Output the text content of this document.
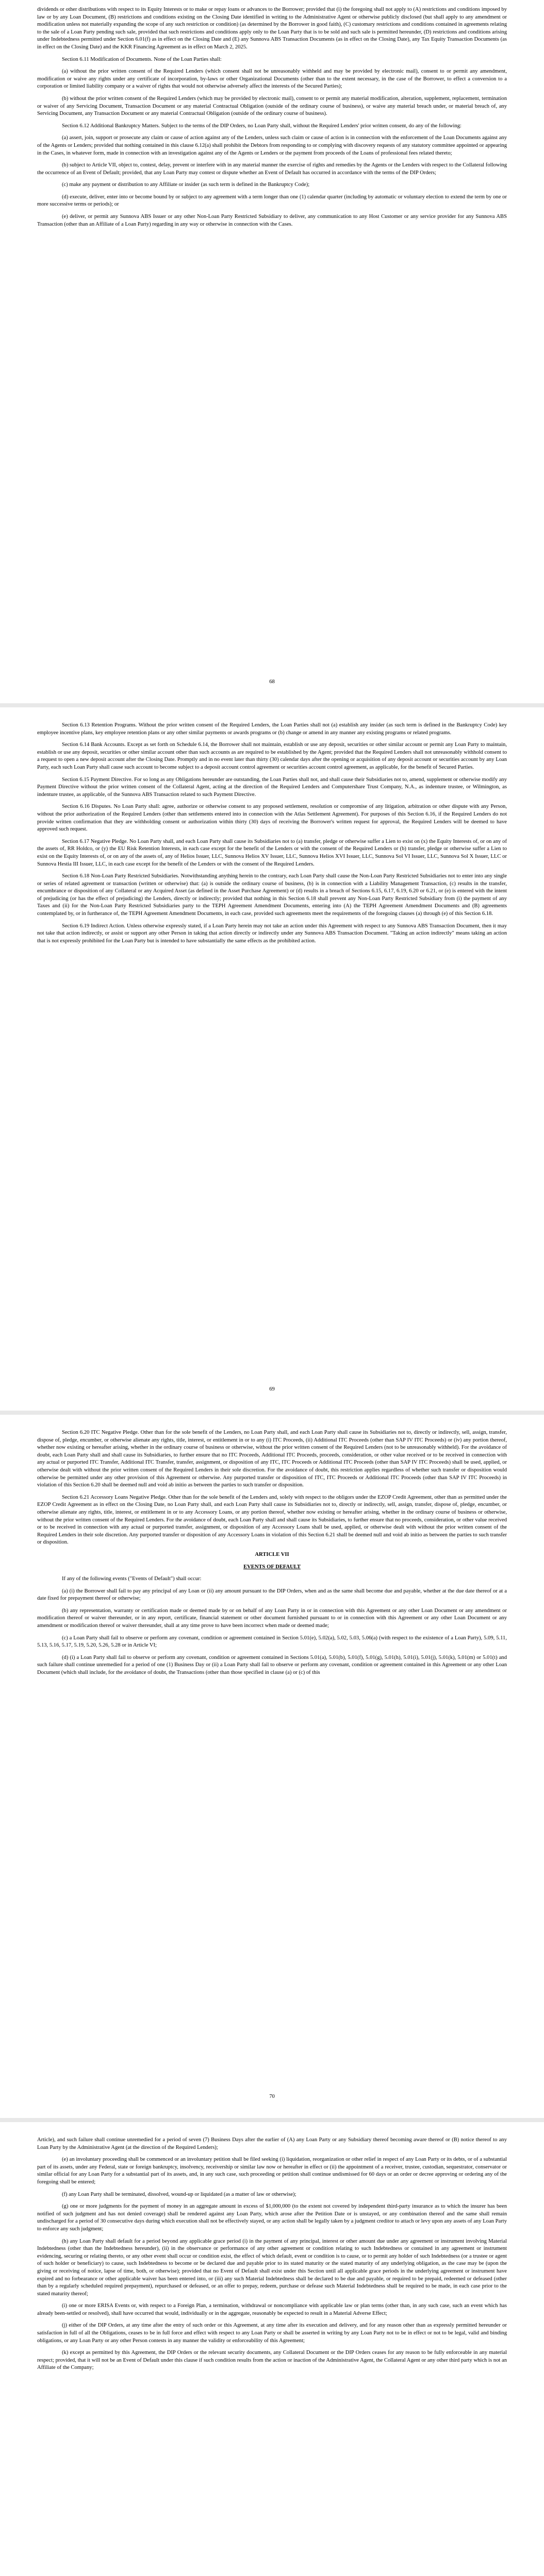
dividends or other distributions with respect to its Equity Interests or to make or repay loans or advances to the Borrower; provided that (i) the foregoing shall not apply to (A) restrictions and conditions imposed by law or by any Loan Document, (B) restrictions and conditions existing on the Closing Date identified in writing to the Administrative Agent or otherwise publicly disclosed (but shall apply to any amendment or modification unless not materially expanding the scope of any such restriction or condition) (as determined by the Borrower in good faith), (C) customary restrictions and conditions contained in agreements relating to the sale of a Loan Party pending such sale, provided that such restrictions and conditions apply only to the Loan Party that is to be sold and such sale is permitted hereunder, (D) restrictions and conditions arising under Indebtedness permitted under Section 6.01(f) as in effect on the Closing Date and (E) any Sunnova ABS Transaction Documents (as in effect on the Closing Date), any Tax Equity Transaction Documents (as in effect on the Closing Date) and the KKR Financing Agreement as in effect on March 2, 2025.

Section 6.11 Modification of Documents. None of the Loan Parties shall:

(a) without the prior written consent of the Required Lenders (which consent shall not be unreasonably withheld and may be provided by electronic mail), consent to or permit any amendment, modification or waive any rights under any certificate of incorporation, by-laws or other Organizational Documents (other than to the extent necessary, in the case of the Borrower, to effect a conversion to a corporation or limited liability company or a waiver of rights that would not otherwise adversely affect the interests of the Secured Parties);

(b) without the prior written consent of the Required Lenders (which may be provided by electronic mail), consent to or permit any material modification, alteration, supplement, replacement, termination or waiver of any Servicing Document, Transaction Document or any material Contractual Obligation (outside of the ordinary course of business), or waive any material breach under, or material breach of, any Servicing Document, any Transaction Document or any material Contractual Obligation (outside of the ordinary course of business).

Section 6.12 Additional Bankruptcy Matters. Subject to the terms of the DIP Orders, no Loan Party shall, without the Required Lenders' prior written consent, do any of the following:

(a) assert, join, support or prosecute any claim or cause of action against any of the Lenders, unless such claim or cause of action is in connection with the enforcement of the Loan Documents against any of the Agents or Lenders; provided that nothing contained in this clause 6.12(a) shall prohibit the Debtors from responding to or complying with discovery requests of any statutory committee appointed or appearing in the Cases, in whatever form, made in connection with an investigation against any of the Agents or Lenders or the payment from proceeds of the Loans of professional fees related thereto;

(b) subject to Article VII, object to, contest, delay, prevent or interfere with in any material manner the exercise of rights and remedies by the Agents or the Lenders with respect to the Collateral following the occurrence of an Event of Default; provided, that any Loan Party may contest or dispute whether an Event of Default has occurred in accordance with the terms of the DIP Orders;

(c) make any payment or distribution to any Affiliate or insider (as such term is defined in the Bankruptcy Code);

(d) execute, deliver, enter into or become bound by or subject to any agreement with a term longer than one (1) calendar quarter (including by automatic or voluntary election to extend the term by one or more successive terms or periods); or

(e) deliver, or permit any Sunnova ABS Issuer or any other Non-Loan Party Restricted Subsidiary to deliver, any communication to any Host Customer or any service provider for any Sunnova ABS Transaction (other than an Affiliate of a Loan Party) regarding in any way or otherwise in connection with the Cases.

68

Section 6.13 Retention Programs. Without the prior written consent of the Required Lenders, the Loan Parties shall not (a) establish any insider (as such term is defined in the Bankruptcy Code) key employee incentive plans, key employee retention plans or any other similar payments or awards programs or (b) change or amend in any manner any existing programs or related programs.

Section 6.14 Bank Accounts. Except as set forth on Schedule 6.14, the Borrower shall not maintain, establish or use any deposit, securities or other similar account or permit any Loan Party to maintain, establish or use any deposit, securities or other similar account other than such accounts as are required to be established by the Agent; provided that the Required Lenders shall not unreasonably withhold consent to a request to open a new deposit account after the Closing Date. Promptly and in no event later than thirty (30) calendar days after the opening or acquisition of any deposit account or securities account by any Loan Party, each such Loan Party shall cause such account to become subject to a deposit account control agreement or securities account control agreement, as applicable, for the benefit of Secured Parties.

Section 6.15 Payment Directive. For so long as any Obligations hereunder are outstanding, the Loan Parties shall not, and shall cause their Subsidiaries not to, amend, supplement or otherwise modify any Payment Directive without the prior written consent of the Collateral Agent, acting at the direction of the Required Lenders and Computershare Trust Company, N.A., as indenture trustee, or Wilmington, as indenture trustee, as applicable, of the Sunnova ABS Transaction related to such Payment Directive.

Section 6.16 Disputes. No Loan Party shall: agree, authorize or otherwise consent to any proposed settlement, resolution or compromise of any litigation, arbitration or other dispute with any Person, without the prior authorization of the Required Lenders (other than settlements entered into in connection with the Atlas Settlement Agreement). For purposes of this Section 6.16, if the Required Lenders do not provide written confirmation that they are withholding consent or authorization within thirty (30) days of receiving the Borrower's written request for approval, the Required Lenders will be deemed to have approved such request.

Section 6.17 Negative Pledge. No Loan Party shall, and each Loan Party shall cause its Subsidiaries not to (a) transfer, pledge or otherwise suffer a Lien to exist on (x) the Equity Interests of, or on any of the assets of, RR Holdco, or (y) the EU Risk Retention Interests, in each case except for the benefit of the Lenders or with the consent of the Required Lenders or (b) transfer, pledge or otherwise suffer a Lien to exist on the Equity Interests of, or on any of the assets of, any of Helios Issuer, LLC, Sunnova Helios XV Issuer, LLC, Sunnova Helios XVI Issuer, LLC, Sunnova Sol VI Issuer, LLC, Sunnova Sol X Issuer, LLC or Sunnova Hestia III Issuer, LLC, in each case except for the benefit of the Lenders or with the consent of the Required Lenders.

Section 6.18 Non-Loan Party Restricted Subsidiaries. Notwithstanding anything herein to the contrary, each Loan Party shall cause the Non-Loan Party Restricted Subsidiaries not to enter into any single or series of related agreement or transaction (written or otherwise) that: (a) is outside the ordinary course of business, (b) is in connection with a Liability Management Transaction, (c) results in the transfer, encumbrance or disposition of any Collateral or any Acquired Asset (as defined in the Asset Purchase Agreement) or (d) results in a breach of Sections 6.15, 6.17, 6.19, 6.20 or 6.21, or (e) is entered with the intent of prejudicing (or has the effect of prejudicing) the Lenders, directly or indirectly; provided that nothing in this Section 6.18 shall prevent any Non-Loan Party Restricted Subsidiary from (i) the payment of any Taxes and (ii) for the Non-Loan Party Restricted Subsidiaries party to the TEPH Agreement Amendment Documents, entering into (A) the TEPH Agreement Amendment Documents and (B) agreements contemplated by, or in furtherance of, the TEPH Agreement Amendment Documents, in each case, provided such agreements meet the requirements of the foregoing clauses (a) through (e) of this Section 6.18.

Section 6.19 Indirect Action. Unless otherwise expressly stated, if a Loan Party herein may not take an action under this Agreement with respect to any Sunnova ABS Transaction Document, then it may not take that action indirectly, or assist or support any other Person in taking that action directly or indirectly under any Sunnova ABS Transaction Document. "Taking an action indirectly" means taking an action that is not expressly prohibited for the Loan Party but is intended to have substantially the same effects as the prohibited action.

69

Section 6.20 ITC Negative Pledge. Other than for the sole benefit of the Lenders, no Loan Party shall, and each Loan Party shall cause its Subsidiaries not to, directly or indirectly, sell, assign, transfer, dispose of, pledge, encumber, or otherwise alienate any rights, title, interest, or entitlement in or to any (i) ITC Proceeds, (ii) Additional ITC Proceeds (other than SAP IV ITC Proceeds) or (iv) any portion thereof, whether now existing or hereafter arising, whether in the ordinary course of business or otherwise, without the prior written consent of the Required Lenders (not to be unreasonably withheld). For the avoidance of doubt, each Loan Party shall and shall cause its Subsidiaries, to further ensure that no ITC Proceeds, Additional ITC Proceeds, proceeds, consideration, or other value received or to be received in connection with any actual or purported ITC Transfer, Additional ITC Transfer, transfer, assignment, or disposition of any ITC, ITC Proceeds or Additional ITC Proceeds (other than SAP IV ITC Proceeds) shall be used, applied, or otherwise dealt with without the prior written consent of the Required Lenders in their sole discretion. For the avoidance of doubt, this restriction applies regardless of whether such transfer or disposition would otherwise be permitted under any other provision of this Agreement or otherwise. Any purported transfer or disposition of ITC, ITC Proceeds or Additional ITC Proceeds (other than SAP IV ITC Proceeds) in violation of this Section 6.20 shall be deemed null and void ab initio as between the parties to such transfer or disposition.

Section 6.21 Accessory Loans Negative Pledge. Other than for the sole benefit of the Lenders and, solely with respect to the obligors under the EZOP Credit Agreement, other than as permitted under the EZOP Credit Agreement as in effect on the Closing Date, no Loan Party shall, and each Loan Party shall cause its Subsidiaries not to, directly or indirectly, sell, assign, transfer, dispose of, pledge, encumber, or otherwise alienate any rights, title, interest, or entitlement in or to any Accessory Loans, or any portion thereof, whether now existing or hereafter arising, whether in the ordinary course of business or otherwise, without the prior written consent of the Required Lenders. For the avoidance of doubt, each Loan Party shall and shall cause its Subsidiaries, to further ensure that no proceeds, consideration, or other value received or to be received in connection with any actual or purported transfer, assignment, or disposition of any Accessory Loans shall be used, applied, or otherwise dealt with without the prior written consent of the Required Lenders in their sole discretion. Any purported transfer or disposition of any Accessory Loans in violation of this Section 6.21 shall be deemed null and void ab initio as between the parties to such transfer or disposition.

ARTICLE VII

EVENTS OF DEFAULT

If any of the following events ("Events of Default") shall occur:

(a) (i) the Borrower shall fail to pay any principal of any Loan or (ii) any amount pursuant to the DIP Orders, when and as the same shall become due and payable, whether at the due date thereof or at a date fixed for prepayment thereof or otherwise;

(b) any representation, warranty or certification made or deemed made by or on behalf of any Loan Party in or in connection with this Agreement or any other Loan Document or any amendment or modification thereof or waiver thereunder, or in any report, certificate, financial statement or other document furnished pursuant to or in connection with this Agreement or any other Loan Document or any amendment or modification thereof or waiver thereunder, shall at any time prove to have been incorrect when made or deemed made;

(c) a Loan Party shall fail to observe or perform any covenant, condition or agreement contained in Section 5.01(e), 5.02(a), 5.02, 5.03, 5.06(a) (with respect to the existence of a Loan Party), 5.09, 5.11, 5.13, 5.16, 5.17, 5.19, 5.20, 5.26, 5.28 or in Article VI;

(d) (i) a Loan Party shall fail to observe or perform any covenant, condition or agreement contained in Sections 5.01(a), 5.01(b), 5.01(f), 5.01(g), 5.01(h), 5.01(i), 5.01(j), 5.01(k), 5.01(m) or 5.01(t) and such failure shall continue unremedied for a period of one (1) Business Day or (ii) a Loan Party shall fail to observe or perform any covenant, condition or agreement contained in this Agreement or any other Loan Document (which shall include, for the avoidance of doubt, the Transactions (other than those specified in clause (a) or (c) of this

70

Article), and such failure shall continue unremedied for a period of seven (7) Business Days after the earlier of (A) any Loan Party or any Subsidiary thereof becoming aware thereof or (B) notice thereof to any Loan Party by the Administrative Agent (at the direction of the Required Lenders);

(e) an involuntary proceeding shall be commenced or an involuntary petition shall be filed seeking (i) liquidation, reorganization or other relief in respect of any Loan Party or its debts, or of a substantial part of its assets, under any Federal, state or foreign bankruptcy, insolvency, receivership or similar law now or hereafter in effect or (ii) the appointment of a receiver, trustee, custodian, sequestrator, conservator or similar official for any Loan Party for a substantial part of its assets, and, in any such case, such proceeding or petition shall continue undismissed for 60 days or an order or decree approving or ordering any of the foregoing shall be entered;

(f) any Loan Party shall be terminated, dissolved, wound-up or liquidated (as a matter of law or otherwise);

(g) one or more judgments for the payment of money in an aggregate amount in excess of $1,000,000 (to the extent not covered by independent third-party insurance as to which the insurer has been notified of such judgment and has not denied coverage) shall be rendered against any Loan Party, which arose after the Petition Date or is unstayed, or any combination thereof and the same shall remain undischarged for a period of 30 consecutive days during which execution shall not be effectively stayed, or any action shall be legally taken by a judgment creditor to attach or levy upon any assets of any Loan Party to enforce any such judgment;

(h) any Loan Party shall default for a period beyond any applicable grace period (i) in the payment of any principal, interest or other amount due under any agreement or instrument involving Material Indebtedness (other than the Indebtedness hereunder), (ii) in the observance or performance of any other agreement or condition relating to such Indebtedness or contained in any agreement or instrument evidencing, securing or relating thereto, or any other event shall occur or condition exist, the effect of which default, event or condition is to cause, or to permit any holder of such Indebtedness (or a trustee or agent of such holder or beneficiary) to cause, such Indebtedness to become or be declared due and payable prior to its stated maturity or the stated maturity of any underlying obligation, as the case may be (upon the giving or receiving of notice, lapse of time, both, or otherwise); provided that no Event of Default shall exist under this Section until all applicable grace periods in the underlying agreement or instrument have expired and no forbearance or other applicable waiver has been entered into, or (iii) any such Material Indebtedness shall be declared to be due and payable, or required to be prepaid, redeemed or defeased (other than by a regularly scheduled required prepayment), repurchased or defeased, or an offer to prepay, redeem, purchase or defease such Material Indebtedness shall be required to be made, in each case prior to the stated maturity thereof;

(i) one or more ERISA Events or, with respect to a Foreign Plan, a termination, withdrawal or noncompliance with applicable law or plan terms (other than, in any such case, such an event which has already been-settled or resolved), shall have occurred that would, individually or in the aggregate, reasonably be expected to result in a Material Adverse Effect;

(j) either of the DIP Orders, at any time after the entry of such order or this Agreement, at any time after its execution and delivery, and for any reason other than as expressly permitted hereunder or satisfaction in full of all the Obligations, ceases to be in full force and effect with respect to any Loan Party or shall be asserted in writing by any Loan Party not to be in effect or not to be legal, valid and binding obligations, or any Loan Party or any other Person contests in any manner the validity or enforceability of this Agreement;

(k) except as permitted by this Agreement, the DIP Orders or the relevant security documents, any Collateral Document or the DIP Orders ceases for any reason to be fully enforceable in any material respect; provided, that it will not be an Event of Default under this clause if such condition results from the action or inaction of the Administrative Agent, the Collateral Agent or any other third party which is not an Affiliate of the Company;
